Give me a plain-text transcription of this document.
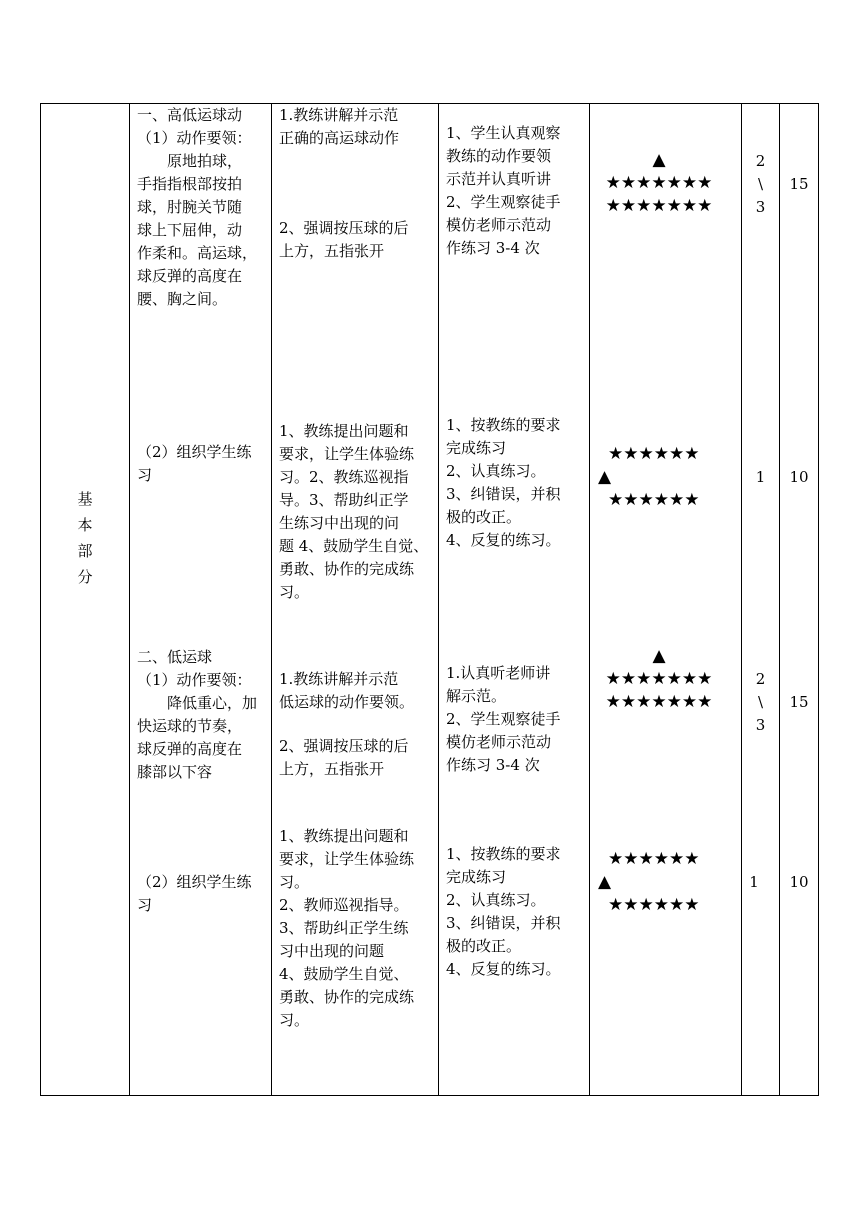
基
本
部
分
一、高低运球动
（1）动作要领：
　　原地拍球，
手指指根部按拍
球，肘腕关节随
球上下屈伸，动
作柔和。高运球，
球反弹的高度在
腰、胸之间。
1.教练讲解并示范
正确的高运球动作
2、强调按压球的后
上方，五指张开
1、学生认真观察
教练的动作要领
示范并认真听讲
2、学生观察徒手
模仿老师示范动
作练习 3-4 次
▲
★★★★★★★
★★★★★★★
2
\
3
15
（2）组织学生练
习
1、教练提出问题和
要求，让学生体验练
习。2、教练巡视指
导。3、帮助纠正学
生练习中出现的问
题 4、鼓励学生自觉、
勇敢、协作的完成练
习。
1、按教练的要求
完成练习
2、认真练习。
3、纠错误，并积
极的改正。
4、反复的练习。
★★★★★★
▲
★★★★★★
1	10
二、低运球
（1）动作要领：
　　降低重心，加
快运球的节奏，
球反弹的高度在
膝部以下容
1.教练讲解并示范
低运球的动作要领。
2、强调按压球的后
上方，五指张开
1.认真听老师讲
解示范。
2、学生观察徒手
模仿老师示范动
作练习 3-4 次
▲
★★★★★★★
★★★★★★★
2
\
3
15
（2）组织学生练
习
1、教练提出问题和
要求，让学生体验练
习。
2、教师巡视指导。
3、帮助纠正学生练
习中出现的问题
4、鼓励学生自觉、
勇敢、协作的完成练
习。
1、按教练的要求
完成练习
2、认真练习。
3、纠错误，并积
极的改正。
4、反复的练习。
★★★★★★
▲
★★★★★★
1	10
